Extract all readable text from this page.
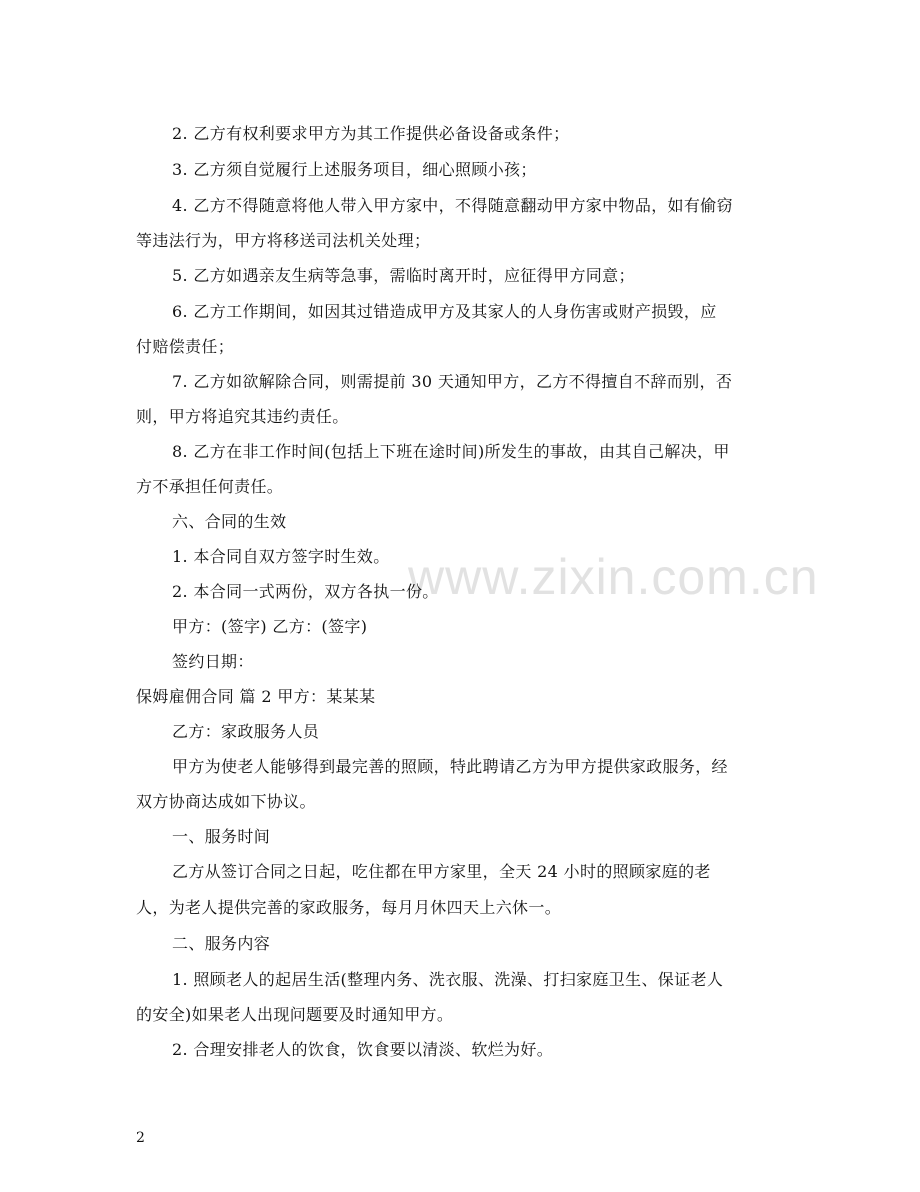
www.zixin.com.cn
2. 乙方有权利要求甲方为其工作提供必备设备或条件；
3. 乙方须自觉履行上述服务项目，细心照顾小孩；
4. 乙方不得随意将他人带入甲方家中，不得随意翻动甲方家中物品，如有偷窃
等违法行为，甲方将移送司法机关处理；
5. 乙方如遇亲友生病等急事，需临时离开时，应征得甲方同意；
6. 乙方工作期间，如因其过错造成甲方及其家人的人身伤害或财产损毁，应
付赔偿责任；
7. 乙方如欲解除合同，则需提前 30 天通知甲方，乙方不得擅自不辞而别，否
则，甲方将追究其违约责任。
8. 乙方在非工作时间(包括上下班在途时间)所发生的事故，由其自己解决，甲
方不承担任何责任。
六、合同的生效
1. 本合同自双方签字时生效。
2. 本合同一式两份，双方各执一份。
甲方：(签字) 乙方：(签字)
签约日期：
保姆雇佣合同 篇 2 甲方：某某某
乙方：家政服务人员
甲方为使老人能够得到最完善的照顾，特此聘请乙方为甲方提供家政服务，经
双方协商达成如下协议。
一、服务时间
乙方从签订合同之日起，吃住都在甲方家里，全天 24 小时的照顾家庭的老
人，为老人提供完善的家政服务，每月月休四天上六休一。
二、服务内容
1. 照顾老人的起居生活(整理内务、洗衣服、洗澡、打扫家庭卫生、保证老人
的安全)如果老人出现问题要及时通知甲方。
2. 合理安排老人的饮食，饮食要以清淡、软烂为好。
2
